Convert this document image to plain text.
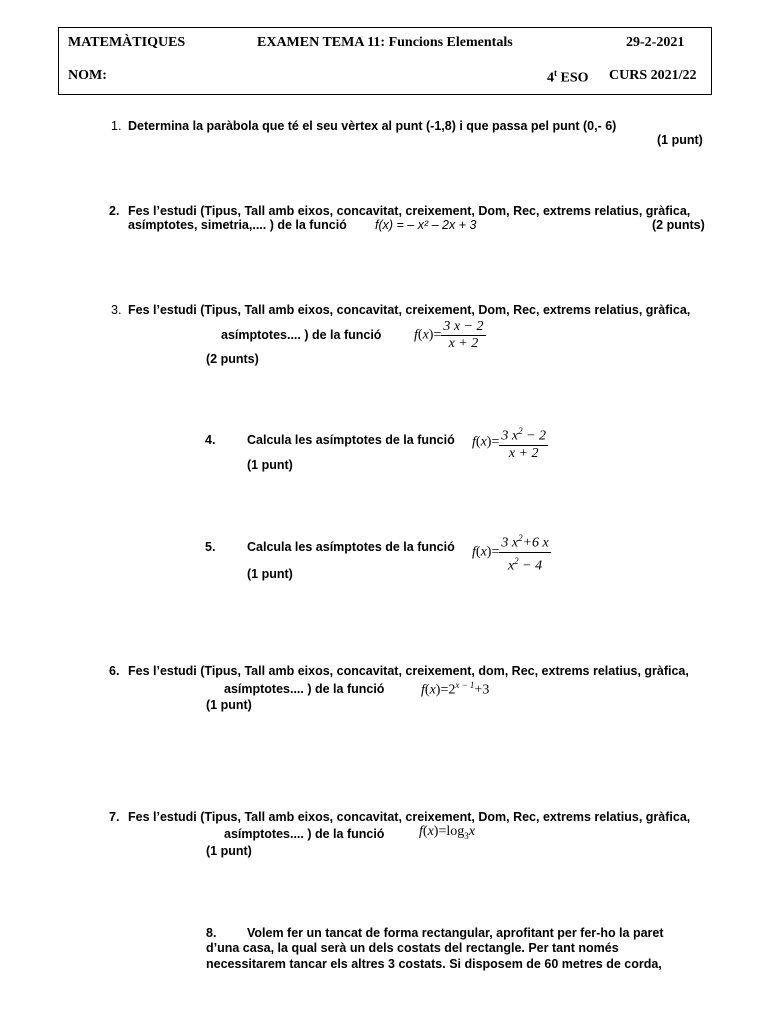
MATEMÀTIQUES	EXAMEN TEMA 11: Funcions Elementals	29-2-2021
NOM:	4$^t$ ESO CURS 2021/22
1. Determina la paràbola que té el seu vèrtex al punt (-1,8) i que passa pel punt (0,- 6)
(1 punt)
2. Fes l’estudi (Tipus, Tall amb eixos, concavitat, creixement, Dom, Rec, extrems relatius, gràfica,
asímptotes, simetria,.... ) de la funció f(x) = – x² – 2x + 3	(2 punts)
3. Fes l’estudi (Tipus, Tall amb eixos, concavitat, creixement, Dom, Rec, extrems relatius, gràfica,
asímptotes.... ) de la funció $f(x)= \frac{3 x - 2}{x + 2}$
(2 punts)
4.	Calcula les asímptotes de la funció $f(x)= \frac{3 x^2 - 2}{x + 2}$
(1 punt)
5.	Calcula les asímptotes de la funció $f(x)= \frac{3 x^2+6 x}{x^2 - 4}$
(1 punt)
6. Fes l’estudi (Tipus, Tall amb eixos, concavitat, creixement, dom, Rec, extrems relatius, gràfica,
asímptotes.... ) de la funció	$f(x)=2^{x - 1}+3$
(1 punt)
7. Fes l’estudi (Tipus, Tall amb eixos, concavitat, creixement, Dom, Rec, extrems relatius, gràfica,
asímptotes.... ) de la funció $f(x)=\log_3x$
(1 punt)
8. Volem fer un tancat de forma rectangular, aprofitant per fer-ho la paret
d’una casa, la qual serà un dels costats del rectangle. Per tant només
necessitarem tancar els altres 3 costats. Si disposem de 60 metres de corda,
